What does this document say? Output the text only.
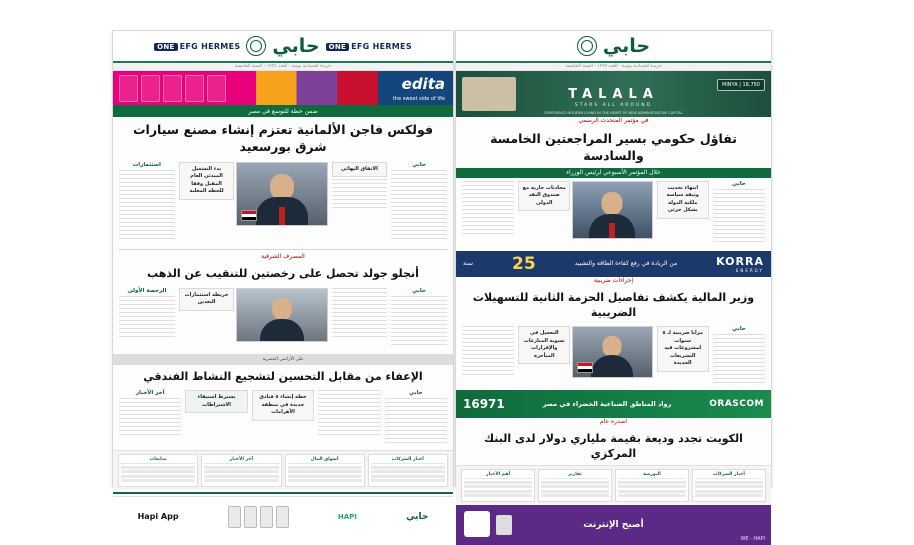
EFG HERMESONE
حابي
EFG HERMESONE
جريدة اقتصادية يومية - العدد ١٢٣٤ - السنة الخامسة
edita
the sweet side of life
ضمن خطة للتوسع في مصر
فولكس فاجن الألمانية تعتزم إنشاء مصنع سيارات شرق بورسعيد
حابي
الاتفاق النهائي
بدء التشغيل المبدئي العام المقبل وفقا للخطة المعلنة
استثمارات
المصرف الشرقية
أنجلو جولد تحصل على رخصتين للتنقيب عن الذهب
حابي
خريطة استثمارات التعدين
الرخصة الأولى
على الأراضي المصرية
الإعفاء من مقابل التحسين لتشجيع النشاط الفندقي
حابي
خطة إنشاء ٥ فنادق جديدة في منطقة الأهرامات
يشترط استيفاء الاشتراطات
آخر الأخبار
أخبار الشركات
أسواق المال
آخر الأخبار
متابعات
حابي
HAPI
Hapi App
حابي
جريدة اقتصادية يومية - العدد ١٢٣٥ - السنة الخامسة
TALALA
STARS ALL AROUND
EXPERIENCE MODERN LIVING IN THE HEART OF NEW ADMINISTRATIVE CAPITAL
MINYA | 18,750
في مؤتمر المتحدث الرسمي
تفاؤل حكومي بسير المراجعتين الخامسة والسادسة
خلال المؤتمر الأسبوعي لرئيس الوزراء
حابي
انتهاء تحديث وثيقة سياسة ملكية الدولة بشكل جزئي
محادثات جارية مع صندوق النقد الدولي
KORRA
ENERGY
من الريادة في رفع كفاءة الطاقة والتشييد
25
سنة
إجراءات ضريبية
وزير المالية يكشف تفاصيل الحزمة الثانية للتسهيلات الضريبية
حابي
مزايا ضريبية لـ ٥ سنوات لمشروعات قيد التشريعات الجديدة
التعجيل في تسوية المنازعات والإقرارات المتأخرة
ORASCOM
رواد المناطق الصناعية الخضراء في مصر
16971
اصدره عام
الكويت تجدد وديعة بقيمة ملياري دولار لدى البنك المركزي
أخبار الشركات
البورصة
تقارير
أهم الأخبار
أصبح الإنترنت
WE · HAPI
